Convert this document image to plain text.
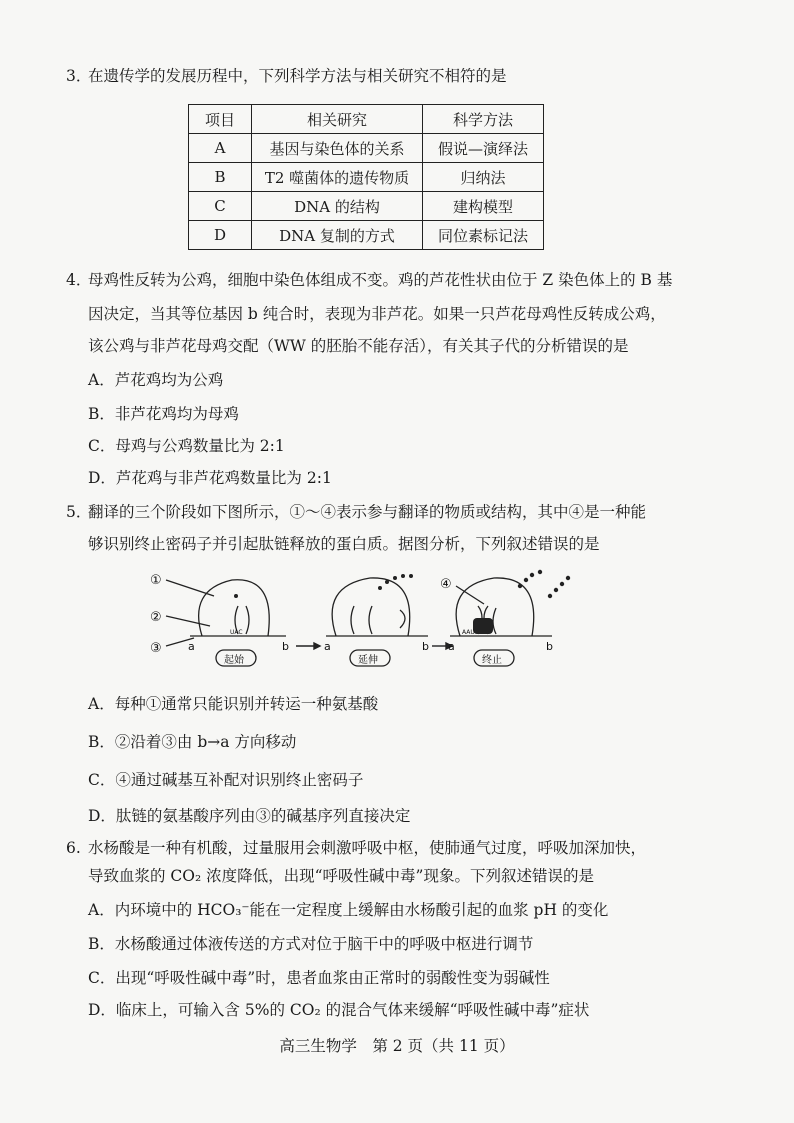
3．在遗传学的发展历程中，下列科学方法与相关研究不相符的是
项目	相关研究	科学方法
A	基因与染色体的关系	假说—演绎法
B	T2 噬菌体的遗传物质	归纳法
C	DNA 的结构	建构模型
D	DNA 复制的方式	同位素标记法
4．母鸡性反转为公鸡，细胞中染色体组成不变。鸡的芦花性状由位于 Z 染色体上的 B 基
因决定，当其等位基因 b 纯合时，表现为非芦花。如果一只芦花母鸡性反转成公鸡，
该公鸡与非芦花母鸡交配（WW 的胚胎不能存活），有关其子代的分析错误的是
A．芦花鸡均为公鸡
B．非芦花鸡均为母鸡
C．母鸡与公鸡数量比为 2:1
D．芦花鸡与非芦花鸡数量比为 2:1
5．翻译的三个阶段如下图所示，①～④表示参与翻译的物质或结构，其中④是一种能
够识别终止密码子并引起肽链释放的蛋白质。据图分析，下列叙述错误的是
①
②
③
④
a	b	a	b a	b
起始	延伸	终止
UAC	AAU
A．每种①通常只能识别并转运一种氨基酸
B．②沿着③由 b→a 方向移动
C．④通过碱基互补配对识别终止密码子
D．肽链的氨基酸序列由③的碱基序列直接决定
6. 水杨酸是一种有机酸，过量服用会刺激呼吸中枢，使肺通气过度，呼吸加深加快，
导致血浆的 CO₂ 浓度降低，出现“呼吸性碱中毒”现象。下列叙述错误的是
A．内环境中的 HCO₃⁻能在一定程度上缓解由水杨酸引起的血浆 pH 的变化
B．水杨酸通过体液传送的方式对位于脑干中的呼吸中枢进行调节
C．出现“呼吸性碱中毒”时，患者血浆由正常时的弱酸性变为弱碱性
D．临床上，可输入含 5%的 CO₂ 的混合气体来缓解“呼吸性碱中毒”症状
高三生物学　第 2 页（共 11 页）
